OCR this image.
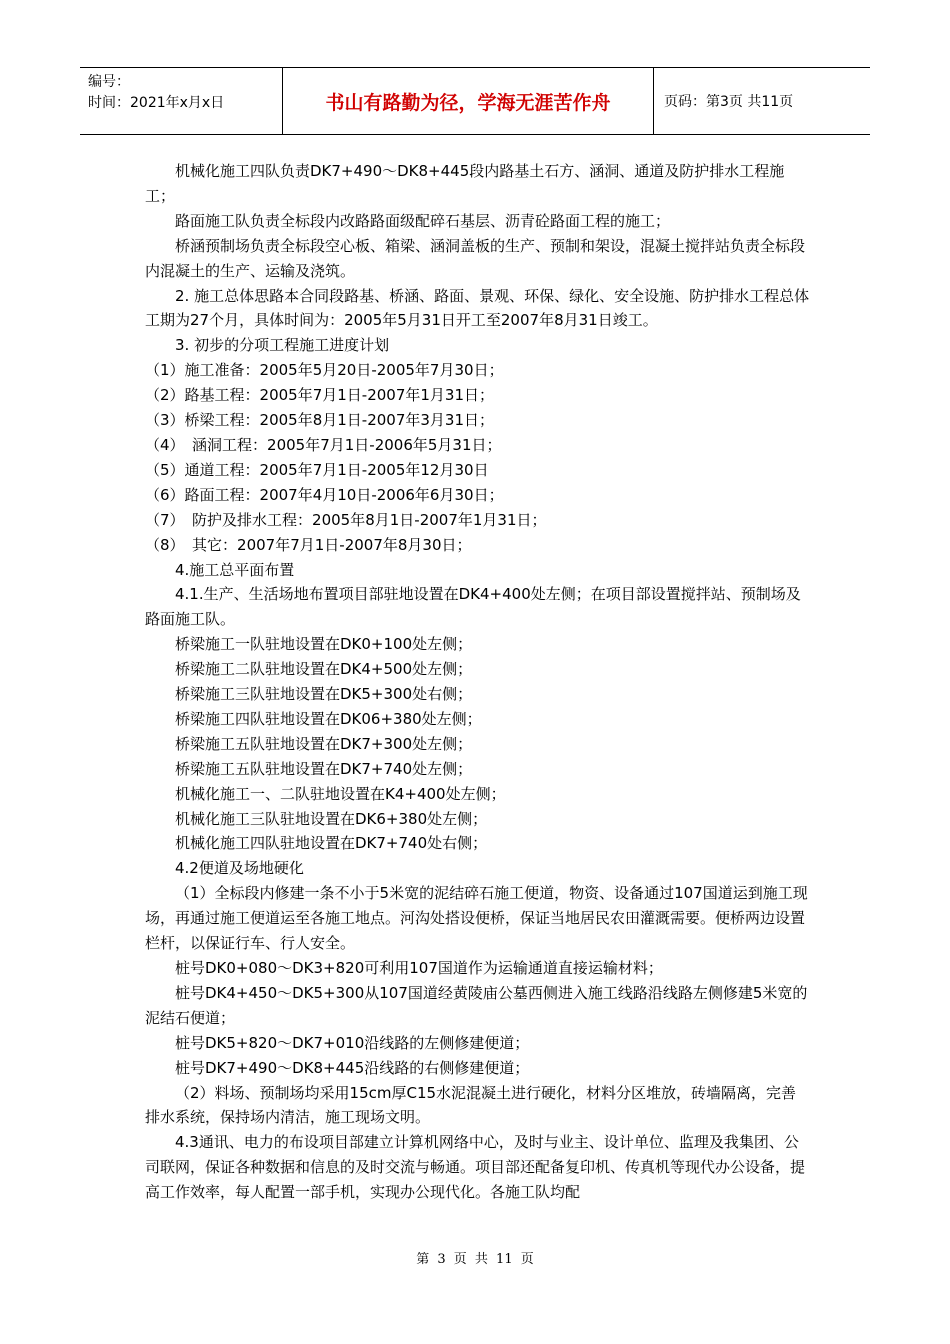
编号：
时间：2021年x月x日	书山有路勤为径，学海无涯苦作舟	页码：第3页 共11页

机械化施工四队负责DK7+490～DK8+445段内路基土石方、涵洞、通道及防护排水工程施工；

路面施工队负责全标段内改路路面级配碎石基层、沥青砼路面工程的施工；

桥涵预制场负责全标段空心板、箱梁、涵洞盖板的生产、预制和架设，混凝土搅拌站负责全标段内混凝土的生产、运输及浇筑。

2. 施工总体思路本合同段路基、桥涵、路面、景观、环保、绿化、安全设施、防护排水工程总体工期为27个月，具体时间为：2005年5月31日开工至2007年8月31日竣工。

3. 初步的分项工程施工进度计划

（1）施工准备：2005年5月20日-2005年7月30日；

（2）路基工程：2005年7月1日-2007年1月31日；

（3）桥梁工程：2005年8月1日-2007年3月31日；

（4）　涵洞工程：2005年7月1日-2006年5月31日；

（5）通道工程：2005年7月1日-2005年12月30日

（6）路面工程：2007年4月10日-2006年6月30日；

（7）　防护及排水工程：2005年8月1日-2007年1月31日；

（8）　其它：2007年7月1日-2007年8月30日；

4.施工总平面布置

4.1.生产、生活场地布置项目部驻地设置在DK4+400处左侧；在项目部设置搅拌站、预制场及路面施工队。

桥梁施工一队驻地设置在DK0+100处左侧；

桥梁施工二队驻地设置在DK4+500处左侧；

桥梁施工三队驻地设置在DK5+300处右侧；

桥梁施工四队驻地设置在DK06+380处左侧；

桥梁施工五队驻地设置在DK7+300处左侧；

桥梁施工五队驻地设置在DK7+740处左侧；

机械化施工一、二队驻地设置在K4+400处左侧；

机械化施工三队驻地设置在DK6+380处左侧；

机械化施工四队驻地设置在DK7+740处右侧；

4.2便道及场地硬化

（1）全标段内修建一条不小于5米宽的泥结碎石施工便道，物资、设备通过107国道运到施工现场，再通过施工便道运至各施工地点。河沟处搭设便桥，保证当地居民农田灌溉需要。便桥两边设置栏杆，以保证行车、行人安全。

桩号DK0+080～DK3+820可利用107国道作为运输通道直接运输材料；

桩号DK4+450～DK5+300从107国道经黄陵庙公墓西侧进入施工线路沿线路左侧修建5米宽的泥结石便道；

桩号DK5+820～DK7+010沿线路的左侧修建便道；

桩号DK7+490～DK8+445沿线路的右侧修建便道；

（2）料场、预制场均采用15cm厚C15水泥混凝土进行硬化，材料分区堆放，砖墙隔离，完善排水系统，保持场内清洁，施工现场文明。

4.3通讯、电力的布设项目部建立计算机网络中心，及时与业主、设计单位、监理及我集团、公司联网，保证各种数据和信息的及时交流与畅通。项目部还配备复印机、传真机等现代办公设备，提高工作效率，每人配置一部手机，实现办公现代化。各施工队均配

第 3 页 共 11 页
